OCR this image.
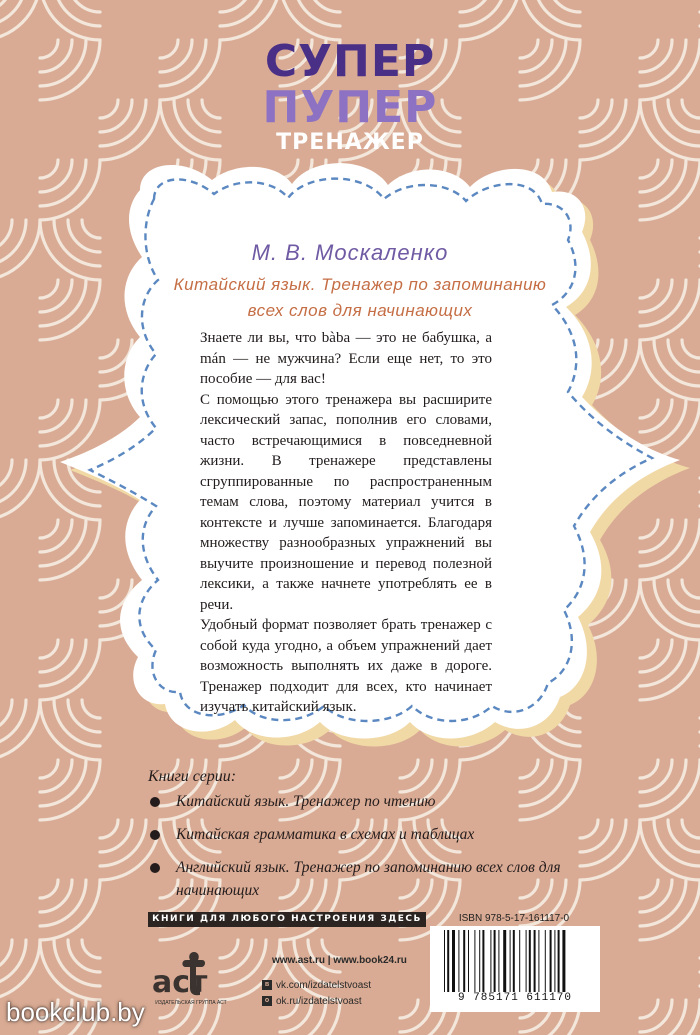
СУПЕР
ПУПЕР
ТРЕНАЖЕР
М. В. Москаленко
Китайский язык. Тренажер по запоминанию
всех слов для начинающих

Знаете ли вы, что bàba — это не бабушка, а mán — не мужчина? Если еще нет, то это пособие — для вас!

С помощью этого тренажера вы расширите лексический запас, пополнив его словами, часто встречающимися в повседневной жизни. В тренажере представлены сгруппированные по распространенным темам слова, поэтому материал учится в контексте и лучше запоминается. Благодаря множеству разнообразных упражнений вы выучите произношение и перевод полезной лексики, а также начнете употреблять ее в речи.

Удобный формат позволяет брать тренажер с собой куда угодно, а объем упражнений дает возможность выполнять их даже в дороге. Тренажер подходит для всех, кто начинает изучать китайский язык.

Книги серии:
Китайский язык. Тренажер по чтению
Китайская грамматика в схемах и таблицах
Английский язык. Тренажер по запоминанию всех слов для начинающих
КНИГИ ДЛЯ ЛЮБОГО НАСТРОЕНИЯ ЗДЕСЬ	ISBN 978-5-17-161117-0
9 785171 611170
аст
ИЗДАТЕЛЬСКАЯ ГРУППА АСТ
www.ast.ru | www.book24.ru
в vk.com/izdatelstvoast
о ok.ru/izdatelstvoast
bookclub.by
